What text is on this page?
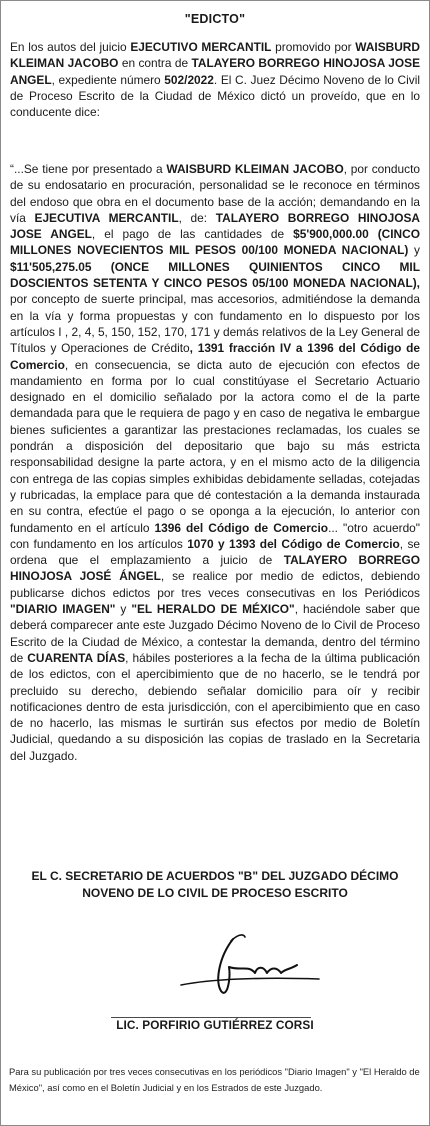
"EDICTO"

En los autos del juicio EJECUTIVO MERCANTIL promovido por WAISBURD KLEIMAN JACOBO en contra de TALAYERO BORREGO HINOJOSA JOSE ANGEL, expediente número 502/2022. El C. Juez Décimo Noveno de lo Civil de Proceso Escrito de la Ciudad de México dictó un proveído, que en lo conducente dice:

“...Se tiene por presentado a WAISBURD KLEIMAN JACOBO, por conducto de su endosatario en procuración, personalidad se le reconoce en términos del endoso que obra en el documento base de la acción; demandando en la vía EJECUTIVA MERCANTIL, de: TALAYERO BORREGO HINOJOSA JOSE ANGEL, el pago de las cantidades de $5'900,000.00 (CINCO MILLONES NOVECIENTOS MIL PESOS 00/100 MONEDA NACIONAL) y $11'505,275.05 (ONCE MILLONES QUINIENTOS CINCO MIL DOSCIENTOS SETENTA Y CINCO PESOS 05/100 MONEDA NACIONAL), por concepto de suerte principal, mas accesorios, admitiéndose la demanda en la vía y forma propuestas y con fundamento en lo dispuesto por los artículos I , 2, 4, 5, 150, 152, 170, 171 y demás relativos de la Ley General de Títulos y Operaciones de Crédito, 1391 fracción IV a 1396 del Código de Comercio, en consecuencia, se dicta auto de ejecución con efectos de mandamiento en forma por lo cual constitúyase el Secretario Actuario designado en el domicilio señalado por la actora como el de la parte demandada para que le requiera de pago y en caso de negativa le embargue bienes suficientes a garantizar las prestaciones reclamadas, los cuales se pondrán a disposición del depositario que bajo su más estricta responsabilidad designe la parte actora, y en el mismo acto de la diligencia con entrega de las copias simples exhibidas debidamente selladas, cotejadas y rubricadas, la emplace para que dé contestación a la demanda instaurada en su contra, efectúe el pago o se oponga a la ejecución, lo anterior con fundamento en el artículo 1396 del Código de Comercio... "otro acuerdo" con fundamento en los artículos 1070 y 1393 del Código de Comercio, se ordena que el emplazamiento a juicio de TALAYERO BORREGO HINOJOSA JOSÉ ÁNGEL, se realice por medio de edictos, debiendo publicarse dichos edictos por tres veces consecutivas en los Periódicos "DIARIO IMAGEN" y "EL HERALDO DE MÉXICO", haciéndole saber que deberá comparecer ante este Juzgado Décimo Noveno de lo Civil de Proceso Escrito de la Ciudad de México, a contestar la demanda, dentro del término de CUARENTA DÍAS, hábiles posteriores a la fecha de la última publicación de los edictos, con el apercibimiento que de no hacerlo, se le tendrá por precluido su derecho, debiendo señalar domicilio para oír y recibir notificaciones dentro de esta jurisdicción, con el apercibimiento que en caso de no hacerlo, las mismas le surtirán sus efectos por medio de Boletín Judicial, quedando a su disposición las copias de traslado en la Secretaria del Juzgado.

EL C. SECRETARIO DE ACUERDOS "B" DEL JUZGADO DÉCIMO
NOVENO DE LO CIVIL DE PROCESO ESCRITO
LIC. PORFIRIO GUTIÉRREZ CORSI
Para su publicación por tres veces consecutivas en los periódicos "Diario Imagen" y "El Heraldo de México", así como en el Boletín Judicial y en los Estrados de este Juzgado.
